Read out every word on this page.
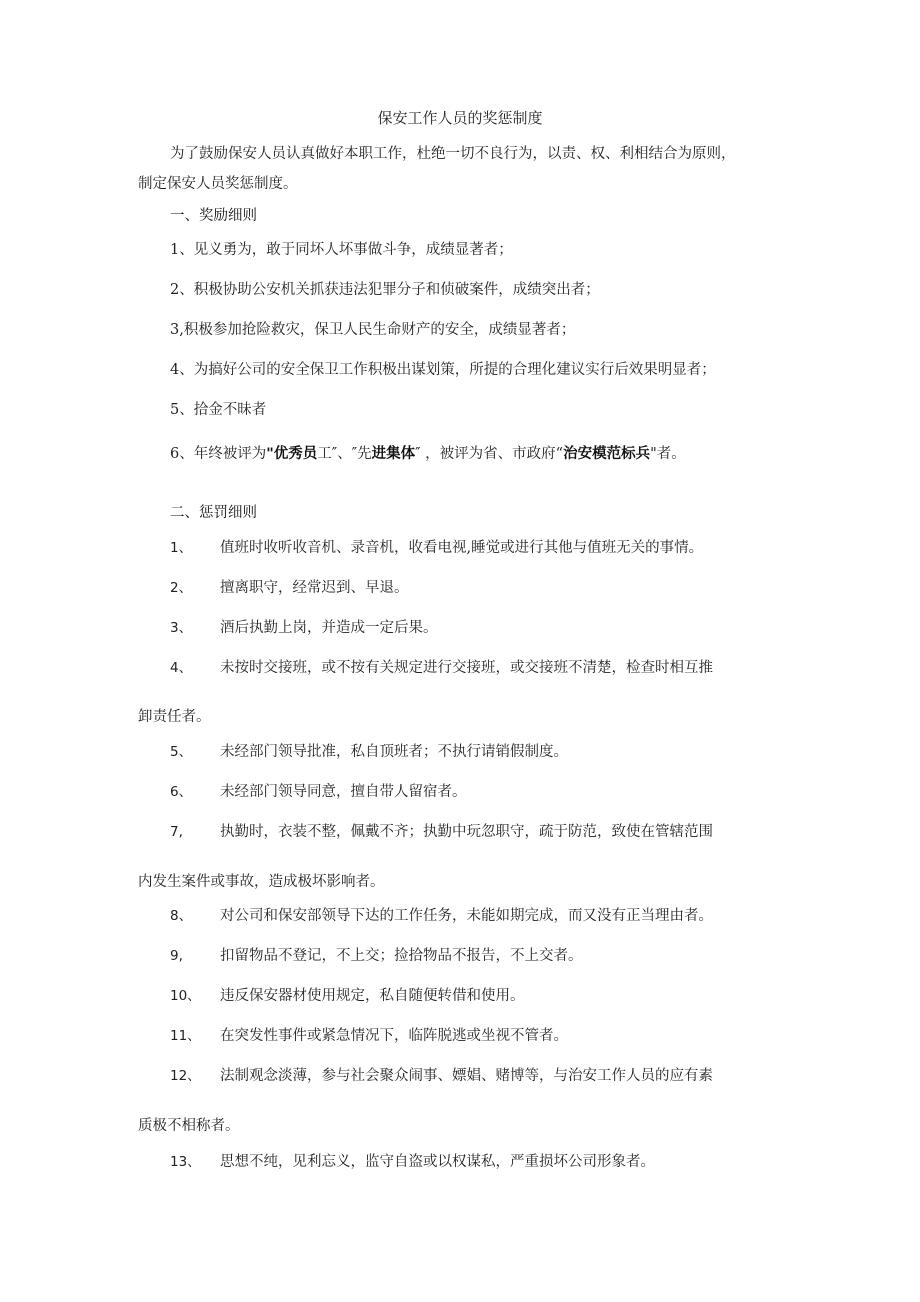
保安工作人员的奖惩制度
为了鼓励保安人员认真做好本职工作，杜绝一切不良行为，以责、权、利相结合为原则，
制定保安人员奖惩制度。
一、奖励细则
1、见义勇为，敢于同坏人坏事做斗争，成绩显著者；
2、积极协助公安机关抓获违法犯罪分子和侦破案件，成绩突出者；
3,积极参加抢险救灾，保卫人民生命财产的安全，成绩显著者；
4、为搞好公司的安全保卫工作积极出谋划策，所提的合理化建议实行后效果明显者；
5、拾金不昧者
6、年终被评为"优秀员工″、″先进集体″ ，被评为省、市政府“治安模范标兵"者。
二、惩罚细则
1、 值班时收听收音机、录音机，收看电视,睡觉或进行其他与值班无关的事情。
2、 擅离职守，经常迟到、早退。
3、 酒后执勤上岗，并造成一定后果。
4、 未按时交接班，或不按有关规定进行交接班，或交接班不清楚，检查时相互推
卸责任者。
5、 未经部门领导批准，私自顶班者；不执行请销假制度。
6、 未经部门领导同意，擅自带人留宿者。
7,	执勤时，衣装不整，佩戴不齐；执勤中玩忽职守，疏于防范，致使在管辖范围
内发生案件或事故，造成极坏影响者。
8、 对公司和保安部领导下达的工作任务，未能如期完成，而又没有正当理由者。
9,	扣留物品不登记，不上交；捡拾物品不报告，不上交者。
10、 违反保安器材使用规定，私自随便转借和使用。
11、 在突发性事件或紧急情况下，临阵脱逃或坐视不管者。
12、 法制观念淡薄，参与社会聚众闹事、嫖娼、赌博等，与治安工作人员的应有素
质极不相称者。
13、 思想不纯，见利忘义，监守自盗或以权谋私，严重损坏公司形象者。
